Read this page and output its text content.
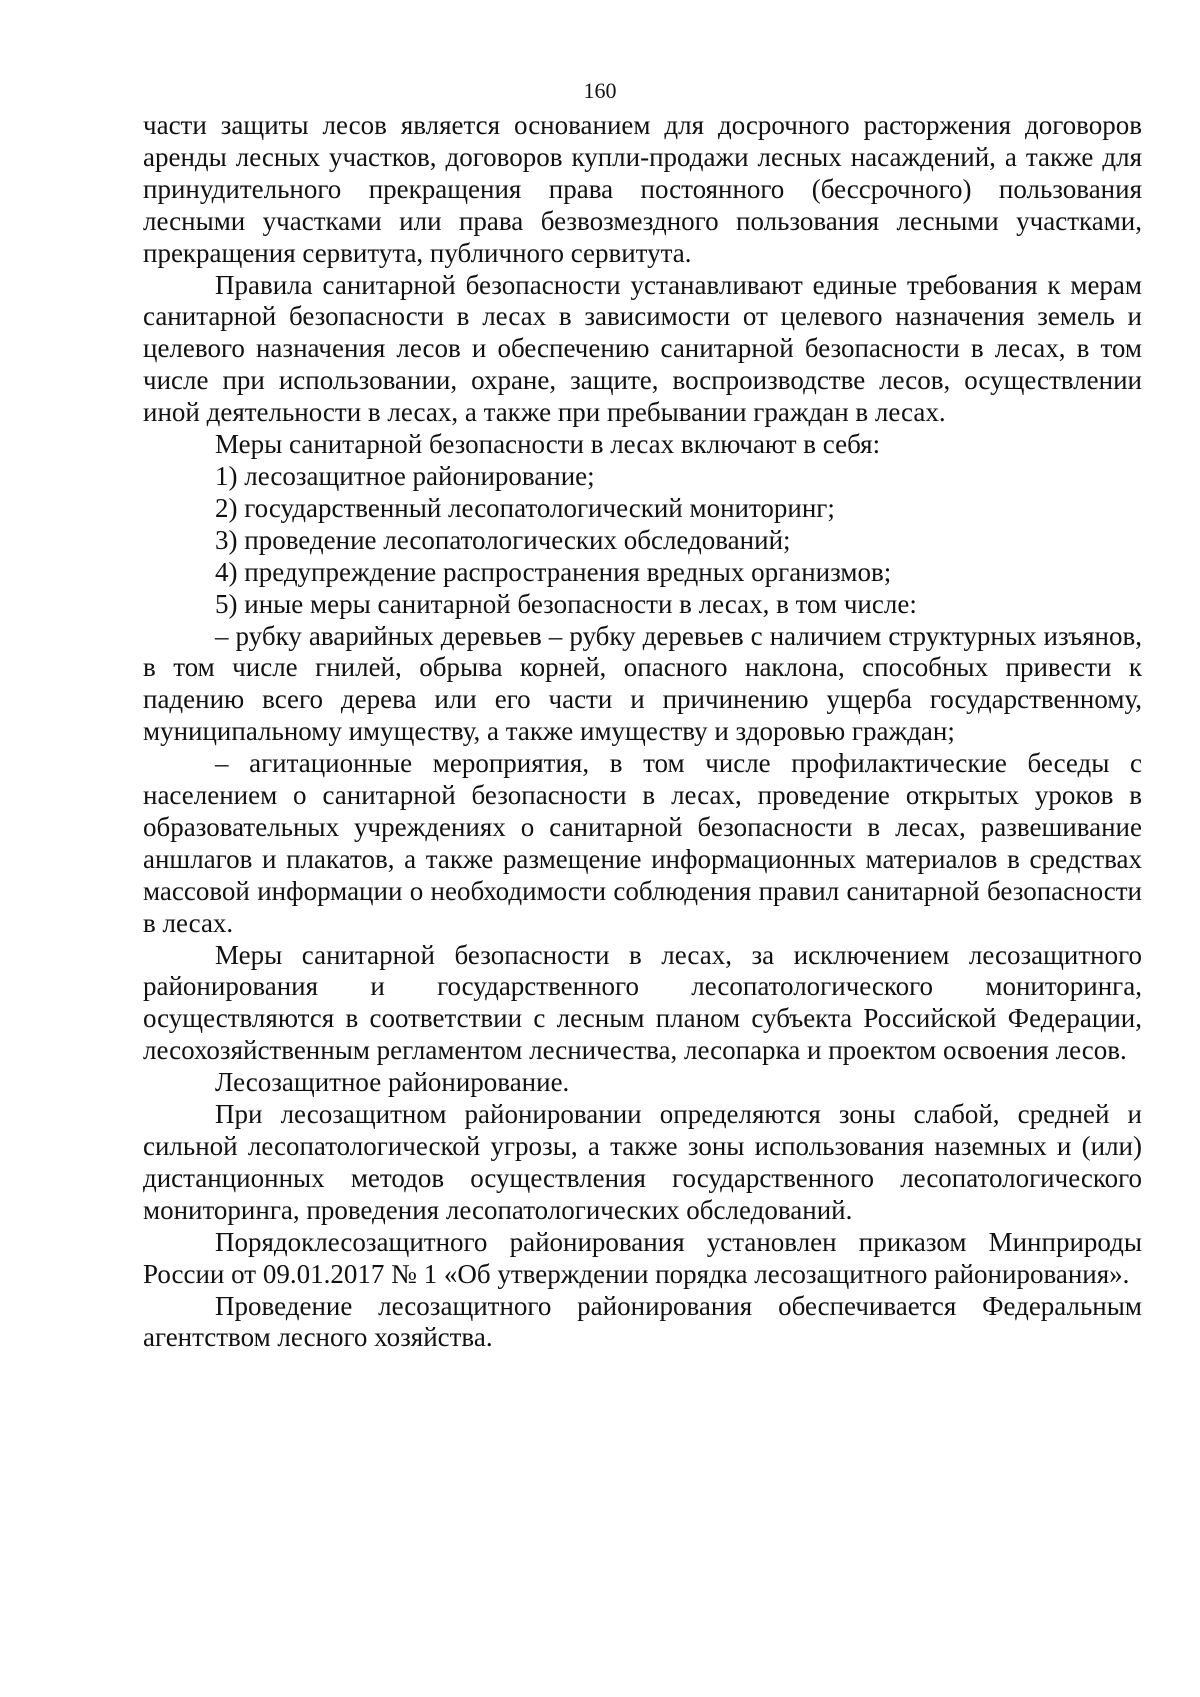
160

части защиты лесов является основанием для досрочного расторжения договоров аренды лесных участков, договоров купли-продажи лесных насаждений, а также для принудительного прекращения права постоянного (бессрочного) пользования лесными участками или права безвозмездного пользования лесными участками, прекращения сервитута, публичного сервитута.

Правила санитарной безопасности устанавливают единые требования к мерам санитарной безопасности в лесах в зависимости от целевого назначения земель и целевого назначения лесов и обеспечению санитарной безопасности в лесах, в том числе при использовании, охране, защите, воспроизводстве лесов, осуществлении иной деятельности в лесах, а также при пребывании граждан в лесах.

Меры санитарной безопасности в лесах включают в себя:

1) лесозащитное районирование;

2) государственный лесопатологический мониторинг;

3) проведение лесопатологических обследований;

4) предупреждение распространения вредных организмов;

5) иные меры санитарной безопасности в лесах, в том числе:

– рубку аварийных деревьев – рубку деревьев с наличием структурных изъянов, в том числе гнилей, обрыва корней, опасного наклона, способных привести к падению всего дерева или его части и причинению ущерба государственному, муниципальному имуществу, а также имуществу и здоровью граждан;

– агитационные мероприятия, в том числе профилактические беседы с населением о санитарной безопасности в лесах, проведение открытых уроков в образовательных учреждениях о санитарной безопасности в лесах, развешивание аншлагов и плакатов, а также размещение информационных материалов в средствах массовой информации о необходимости соблюдения правил санитарной безопасности в лесах.

Меры санитарной безопасности в лесах, за исключением лесозащитного районирования и государственного лесопатологического мониторинга, осуществляются в соответствии с лесным планом субъекта Российской Федерации, лесохозяйственным регламентом лесничества, лесопарка и проектом освоения лесов.

Лесозащитное районирование.

При лесозащитном районировании определяются зоны слабой, средней и сильной лесопатологической угрозы, а также зоны использования наземных и (или) дистанционных методов осуществления государственного лесопатологического мониторинга, проведения лесопатологических обследований.

Порядоклесозащитного районирования установлен приказом Минприроды России от 09.01.2017 № 1 «Об утверждении порядка лесозащитного районирования».

Проведение лесозащитного районирования обеспечивается Федеральным агентством лесного хозяйства.
